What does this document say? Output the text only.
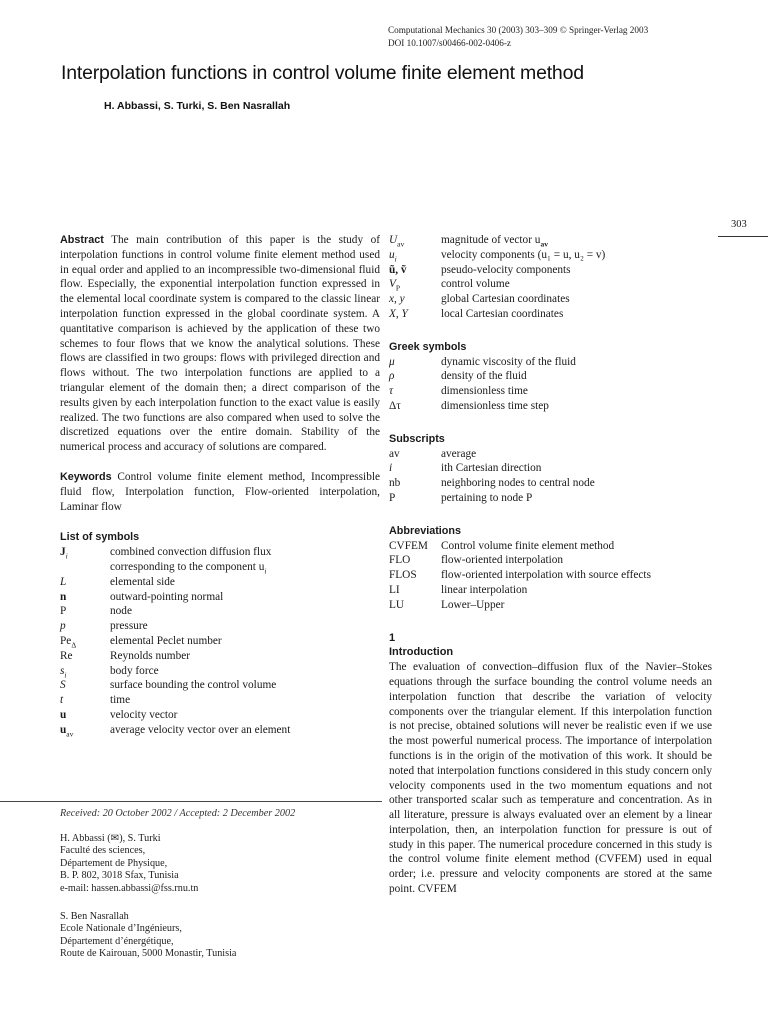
Computational Mechanics 30 (2003) 303–309 © Springer-Verlag 2003
DOI 10.1007/s00466-002-0406-z
Interpolation functions in control volume finite element method
H. Abbassi, S. Turki, S. Ben Nasrallah
303

Abstract The main contribution of this paper is the study of interpolation functions in control volume finite element method used in equal order and applied to an incompressible two-dimensional fluid flow. Especially, the exponential interpolation function expressed in the elemental local coordinate system is compared to the classic linear interpolation function expressed in the global coordinate system. A quantitative comparison is achieved by the application of these two schemes to four flows that we know the analytical solutions. These flows are classified in two groups: flows with privileged direction and flows without. The two interpolation functions are applied to a triangular element of the domain then; a direct comparison of the results given by each interpolation function to the exact value is easily realized. The two functions are also compared when used to solve the discretized equations over the entire domain. Stability of the numerical process and accuracy of solutions are compared.

Keywords Control volume finite element method, Incompressible fluid flow, Interpolation function, Flow-oriented interpolation, Laminar flow

List of symbols
$J_i$	combined convection diffusion flux
corresponding to the component $u_i$
L	elemental side
n	outward-pointing normal
P	node
p	pressure
$Pe_\Delta$	elemental Peclet number
Re	Reynolds number
$s_i$	body force
S	surface bounding the control volume
t	time
u	velocity vector
$u_{av}$	average velocity vector over an element
Received: 20 October 2002 / Accepted: 2 December 2002
H. Abbassi (✉), S. Turki
Faculté des sciences,
Département de Physique,
B. P. 802, 3018 Sfax, Tunisia
e-mail: hassen.abbassi@fss.rnu.tn
S. Ben Nasrallah
Ecole Nationale d’Ingénieurs,
Département d’énergétique,
Route de Kairouan, 5000 Monastir, Tunisia
$U_{av}$	magnitude of vector $u_{av}$
$u_i$	velocity components (u₁ = u, u₂ = v)
ũ, ṽ	pseudo-velocity components
$V_P$	control volume
x, y	global Cartesian coordinates
X, Y	local Cartesian coordinates
Greek symbols
μ	dynamic viscosity of the fluid
ρ	density of the fluid
τ	dimensionless time
Δτ	dimensionless time step
Subscripts
av	average
i	ith Cartesian direction
nb	neighboring nodes to central node
P	pertaining to node P
Abbreviations
CVFEM	Control volume finite element method
FLO	flow-oriented interpolation
FLOS	flow-oriented interpolation with source effects
LI	linear interpolation
LU	Lower–Upper
1
Introduction

The evaluation of convection–diffusion flux of the Navier–Stokes equations through the surface bounding the control volume needs an interpolation function that describe the variation of velocity components over the triangular element. If this interpolation function is not precise, obtained solutions will never be realistic even if we use the most powerful numerical process. The importance of interpolation functions is in the origin of the motivation of this work. It should be noted that interpolation functions considered in this study concern only velocity components used in the two momentum equations and not other transported scalar such as temperature and concentration. As in all literature, pressure is always evaluated over an element by a linear interpolation, then, an interpolation function for pressure is out of study in this paper. The numerical procedure concerned in this study is the control volume finite element method (CVFEM) used in equal order; i.e. pressure and velocity components are stored at the same point. CVFEM
